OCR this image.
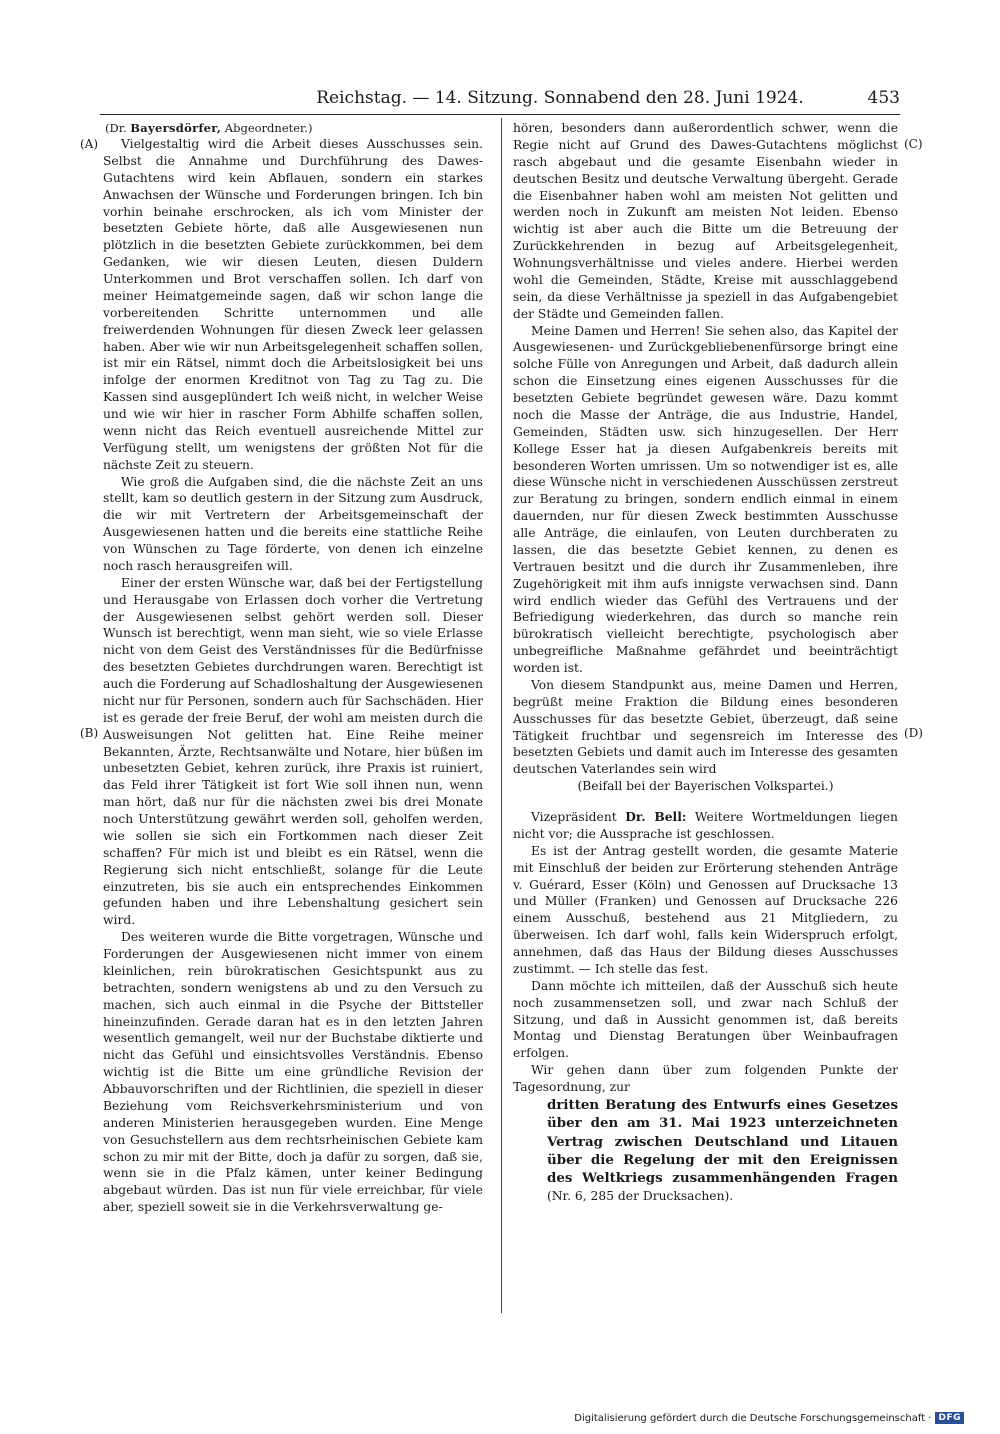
Reichstag. — 14. Sitzung. Sonnabend den 28. Juni 1924.	453
(A)
(B)
(C)
(D)
(Dr. Bayersdörfer, Abgeordneter.)

Vielgestaltig wird die Arbeit dieses Ausschusses sein. Selbst die Annahme und Durchführung des Dawes-Gutachtens wird kein Abflauen, sondern ein starkes Anwachsen der Wünsche und Forderungen bringen. Ich bin vorhin beinahe erschrocken, als ich vom Minister der besetzten Gebiete hörte, daß alle Ausgewiesenen nun plötzlich in die besetzten Gebiete zurückkommen, bei dem Gedanken, wie wir diesen Leuten, diesen Duldern Unterkommen und Brot verschaffen sollen. Ich darf von meiner Heimatgemeinde sagen, daß wir schon lange die vorbereitenden Schritte unternommen und alle freiwerdenden Wohnungen für diesen Zweck leer gelassen haben. Aber wie wir nun Arbeitsgelegenheit schaffen sollen, ist mir ein Rätsel, nimmt doch die Arbeitslosigkeit bei uns infolge der enormen Kreditnot von Tag zu Tag zu. Die Kassen sind ausgeplündert Ich weiß nicht, in welcher Weise und wie wir hier in rascher Form Abhilfe schaffen sollen, wenn nicht das Reich eventuell ausreichende Mittel zur Verfügung stellt, um wenigstens der größten Not für die nächste Zeit zu steuern.

Wie groß die Aufgaben sind, die die nächste Zeit an uns stellt, kam so deutlich gestern in der Sitzung zum Ausdruck, die wir mit Vertretern der Arbeitsgemeinschaft der Ausgewiesenen hatten und die bereits eine stattliche Reihe von Wünschen zu Tage förderte, von denen ich einzelne noch rasch herausgreifen will.

Einer der ersten Wünsche war, daß bei der Fertigstellung und Herausgabe von Erlassen doch vorher die Vertretung der Ausgewiesenen selbst gehört werden soll. Dieser Wunsch ist berechtigt, wenn man sieht, wie so viele Erlasse nicht von dem Geist des Verständnisses für die Bedürfnisse des besetzten Gebietes durchdrungen waren. Berechtigt ist auch die Forderung auf Schadloshaltung der Ausgewiesenen nicht nur für Personen, sondern auch für Sachschäden. Hier ist es gerade der freie Beruf, der wohl am meisten durch die Ausweisungen Not gelitten hat. Eine Reihe meiner Bekannten, Ärzte, Rechtsanwälte und Notare, hier büßen im unbesetzten Gebiet, kehren zurück, ihre Praxis ist ruiniert, das Feld ihrer Tätigkeit ist fort Wie soll ihnen nun, wenn man hört, daß nur für die nächsten zwei bis drei Monate noch Unterstützung gewährt werden soll, geholfen werden, wie sollen sie sich ein Fortkommen nach dieser Zeit schaffen? Für mich ist und bleibt es ein Rätsel, wenn die Regierung sich nicht entschließt, solange für die Leute einzutreten, bis sie auch ein entsprechendes Einkommen gefunden haben und ihre Lebenshaltung gesichert sein wird.

Des weiteren wurde die Bitte vorgetragen, Wünsche und Forderungen der Ausgewiesenen nicht immer von einem kleinlichen, rein bürokratischen Gesichtspunkt aus zu betrachten, sondern wenigstens ab und zu den Versuch zu machen, sich auch einmal in die Psyche der Bittsteller hineinzufinden. Gerade daran hat es in den letzten Jahren wesentlich gemangelt, weil nur der Buchstabe diktierte und nicht das Gefühl und einsichtsvolles Verständnis. Ebenso wichtig ist die Bitte um eine gründliche Revision der Abbauvorschriften und der Richtlinien, die speziell in dieser Beziehung vom Reichsverkehrsministerium und von anderen Ministerien herausgegeben wurden. Eine Menge von Gesuchstellern aus dem rechtsrheinischen Gebiete kam schon zu mir mit der Bitte, doch ja dafür zu sorgen, daß sie, wenn sie in die Pfalz kämen, unter keiner Bedingung abgebaut würden. Das ist nun für viele erreichbar, für viele aber, speziell soweit sie in die Verkehrsverwaltung ge-

hören, besonders dann außerordentlich schwer, wenn die Regie nicht auf Grund des Dawes-Gutachtens möglichst rasch abgebaut und die gesamte Eisenbahn wieder in deutschen Besitz und deutsche Verwaltung übergeht. Gerade die Eisenbahner haben wohl am meisten Not gelitten und werden noch in Zukunft am meisten Not leiden. Ebenso wichtig ist aber auch die Bitte um die Betreuung der Zurückkehrenden in bezug auf Arbeitsgelegenheit, Wohnungsverhältnisse und vieles andere. Hierbei werden wohl die Gemeinden, Städte, Kreise mit ausschlaggebend sein, da diese Verhältnisse ja speziell in das Aufgabengebiet der Städte und Gemeinden fallen.

Meine Damen und Herren! Sie sehen also, das Kapitel der Ausgewiesenen- und Zurückgebliebenenfürsorge bringt eine solche Fülle von Anregungen und Arbeit, daß dadurch allein schon die Einsetzung eines eigenen Ausschusses für die besetzten Gebiete begründet gewesen wäre. Dazu kommt noch die Masse der Anträge, die aus Industrie, Handel, Gemeinden, Städten usw. sich hinzugesellen. Der Herr Kollege Esser hat ja diesen Aufgabenkreis bereits mit besonderen Worten umrissen. Um so notwendiger ist es, alle diese Wünsche nicht in verschiedenen Ausschüssen zerstreut zur Beratung zu bringen, sondern endlich einmal in einem dauernden, nur für diesen Zweck bestimmten Ausschusse alle Anträge, die einlaufen, von Leuten durchberaten zu lassen, die das besetzte Gebiet kennen, zu denen es Vertrauen besitzt und die durch ihr Zusammenleben, ihre Zugehörigkeit mit ihm aufs innigste verwachsen sind. Dann wird endlich wieder das Gefühl des Vertrauens und der Befriedigung wiederkehren, das durch so manche rein bürokratisch vielleicht berechtigte, psychologisch aber unbegreifliche Maßnahme gefährdet und beeinträchtigt worden ist.

Von diesem Standpunkt aus, meine Damen und Herren, begrüßt meine Fraktion die Bildung eines besonderen Ausschusses für das besetzte Gebiet, überzeugt, daß seine Tätigkeit fruchtbar und segensreich im Interesse des besetzten Gebiets und damit auch im Interesse des gesamten deutschen Vaterlandes sein wird

(Beifall bei der Bayerischen Volkspartei.)

Vizepräsident Dr. Bell: Weitere Wortmeldungen liegen nicht vor; die Aussprache ist geschlossen.

Es ist der Antrag gestellt worden, die gesamte Materie mit Einschluß der beiden zur Erörterung stehenden Anträge v. Guérard, Esser (Köln) und Genossen auf Drucksache 13 und Müller (Franken) und Genossen auf Drucksache 226 einem Ausschuß, bestehend aus 21 Mitgliedern, zu überweisen. Ich darf wohl, falls kein Widerspruch erfolgt, annehmen, daß das Haus der Bildung dieses Ausschusses zustimmt. — Ich stelle das fest.

Dann möchte ich mitteilen, daß der Ausschuß sich heute noch zusammensetzen soll, und zwar nach Schluß der Sitzung, und daß in Aussicht genommen ist, daß bereits Montag und Dienstag Beratungen über Weinbaufragen erfolgen.

Wir gehen dann über zum folgenden Punkte der Tagesordnung, zur

dritten Beratung des Entwurfs eines Gesetzes über den am 31. Mai 1923 unterzeichneten Vertrag zwischen Deutschland und Litauen über die Regelung der mit den Ereignissen des Weltkriegs zusammenhängenden Fragen (Nr. 6, 285 der Drucksachen).

Digitalisierung gefördert durch die Deutsche Forschungsgemeinschaft · DFG
